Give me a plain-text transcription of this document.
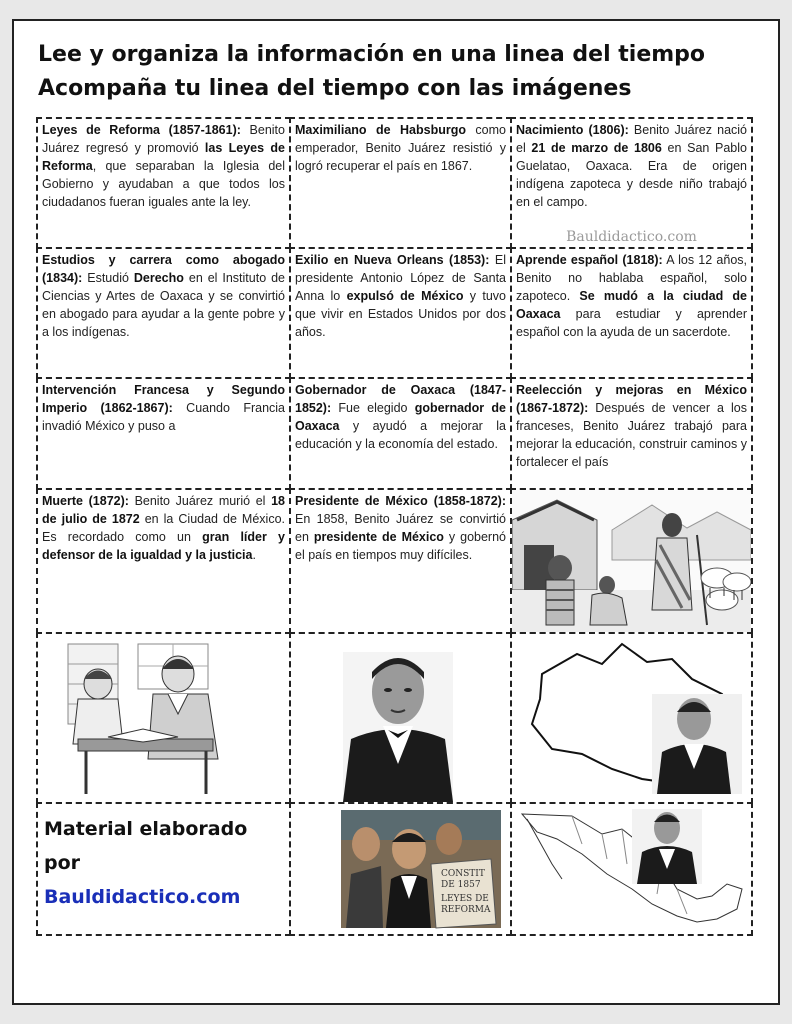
Lee y organiza la información en una linea del tiempo
Acompaña tu linea del tiempo con las imágenes
Leyes de Reforma (1857-1861): Benito Juárez regresó y promovió las Leyes de Reforma, que separaban la Iglesia del Gobierno y ayudaban a que todos los ciudadanos fueran iguales ante la ley.
Maximiliano de Habsburgo como emperador, Benito Juárez resistió y logró recuperar el país en 1867.
Nacimiento (1806): Benito Juárez nació el 21 de marzo de 1806 en San Pablo Guelatao, Oaxaca. Era de origen indígena zapoteca y desde niño trabajó en el campo.
Bauldidactico.com
Estudios y carrera como abogado (1834): Estudió Derecho en el Instituto de Ciencias y Artes de Oaxaca y se convirtió en abogado para ayudar a la gente pobre y a los indígenas.
Exilio en Nueva Orleans (1853): El presidente Antonio López de Santa Anna lo expulsó de México y tuvo que vivir en Estados Unidos por dos años.
Aprende español (1818): A los 12 años, Benito no hablaba español, solo zapoteco. Se mudó a la ciudad de Oaxaca para estudiar y aprender español con la ayuda de un sacerdote.
Intervención Francesa y Segundo Imperio (1862-1867): Cuando Francia invadió México y puso a
Gobernador de Oaxaca (1847-1852): Fue elegido gobernador de Oaxaca y ayudó a mejorar la educación y la economía del estado.
Reelección y mejoras en México (1867-1872): Después de vencer a los franceses, Benito Juárez trabajó para mejorar la educación, construir caminos y fortalecer el país
Muerte (1872): Benito Juárez murió el 18 de julio de 1872 en la Ciudad de México. Es recordado como un gran líder y defensor de la igualdad y la justicia.
Presidente de México (1858-1872): En 1858, Benito Juárez se convirtió en presidente de México y gobernó el país en tiempos muy difíciles.
Material elaborado
por
Bauldidactico.com
CONSTIT
DE 1857
LEYES DE
REFORMA
